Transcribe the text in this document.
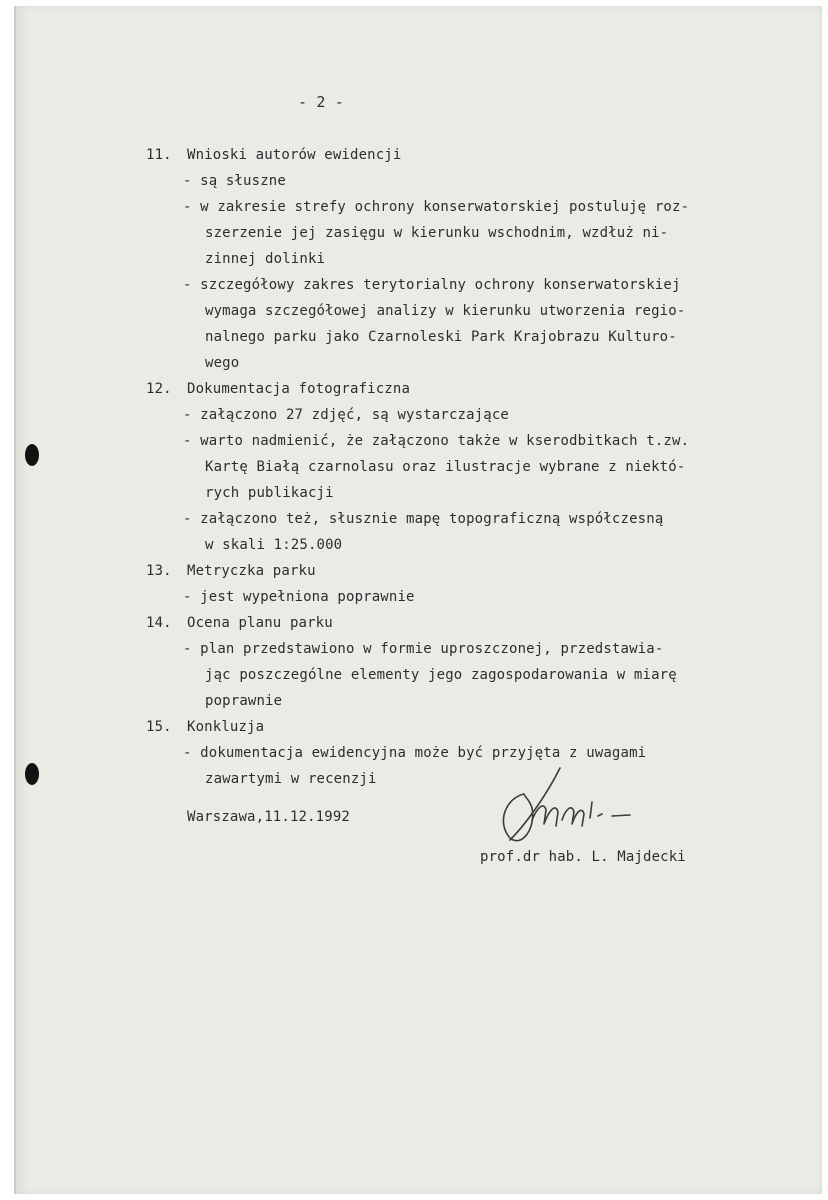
- 2 -
11. Wnioski autorów ewidencji
- są słuszne
- w zakresie strefy ochrony konserwatorskiej postuluję roz-
szerzenie jej zasięgu w kierunku wschodnim, wzdłuż ni-
zinnej dolinki
- szczegółowy zakres terytorialny ochrony konserwatorskiej
wymaga szczegółowej analizy w kierunku utworzenia regio-
nalnego parku jako Czarnoleski Park Krajobrazu Kulturo-
wego
12. Dokumentacja fotograficzna
- załączono 27 zdjęć, są wystarczające
- warto nadmienić, że załączono także w kserodbitkach t.zw.
Kartę Białą czarnolasu oraz ilustracje wybrane z niektó-
rych publikacji
- załączono też, słusznie mapę topograficzną współczesną
w skali 1:25.000
13. Metryczka parku
- jest wypełniona poprawnie
14. Ocena planu parku
- plan przedstawiono w formie uproszczonej, przedstawia-
jąc poszczególne elementy jego zagospodarowania w miarę
poprawnie
15. Konkluzja
- dokumentacja ewidencyjna może być przyjęta z uwagami
zawartymi w recenzji
Warszawa,11.12.1992
prof.dr hab. L. Majdecki
